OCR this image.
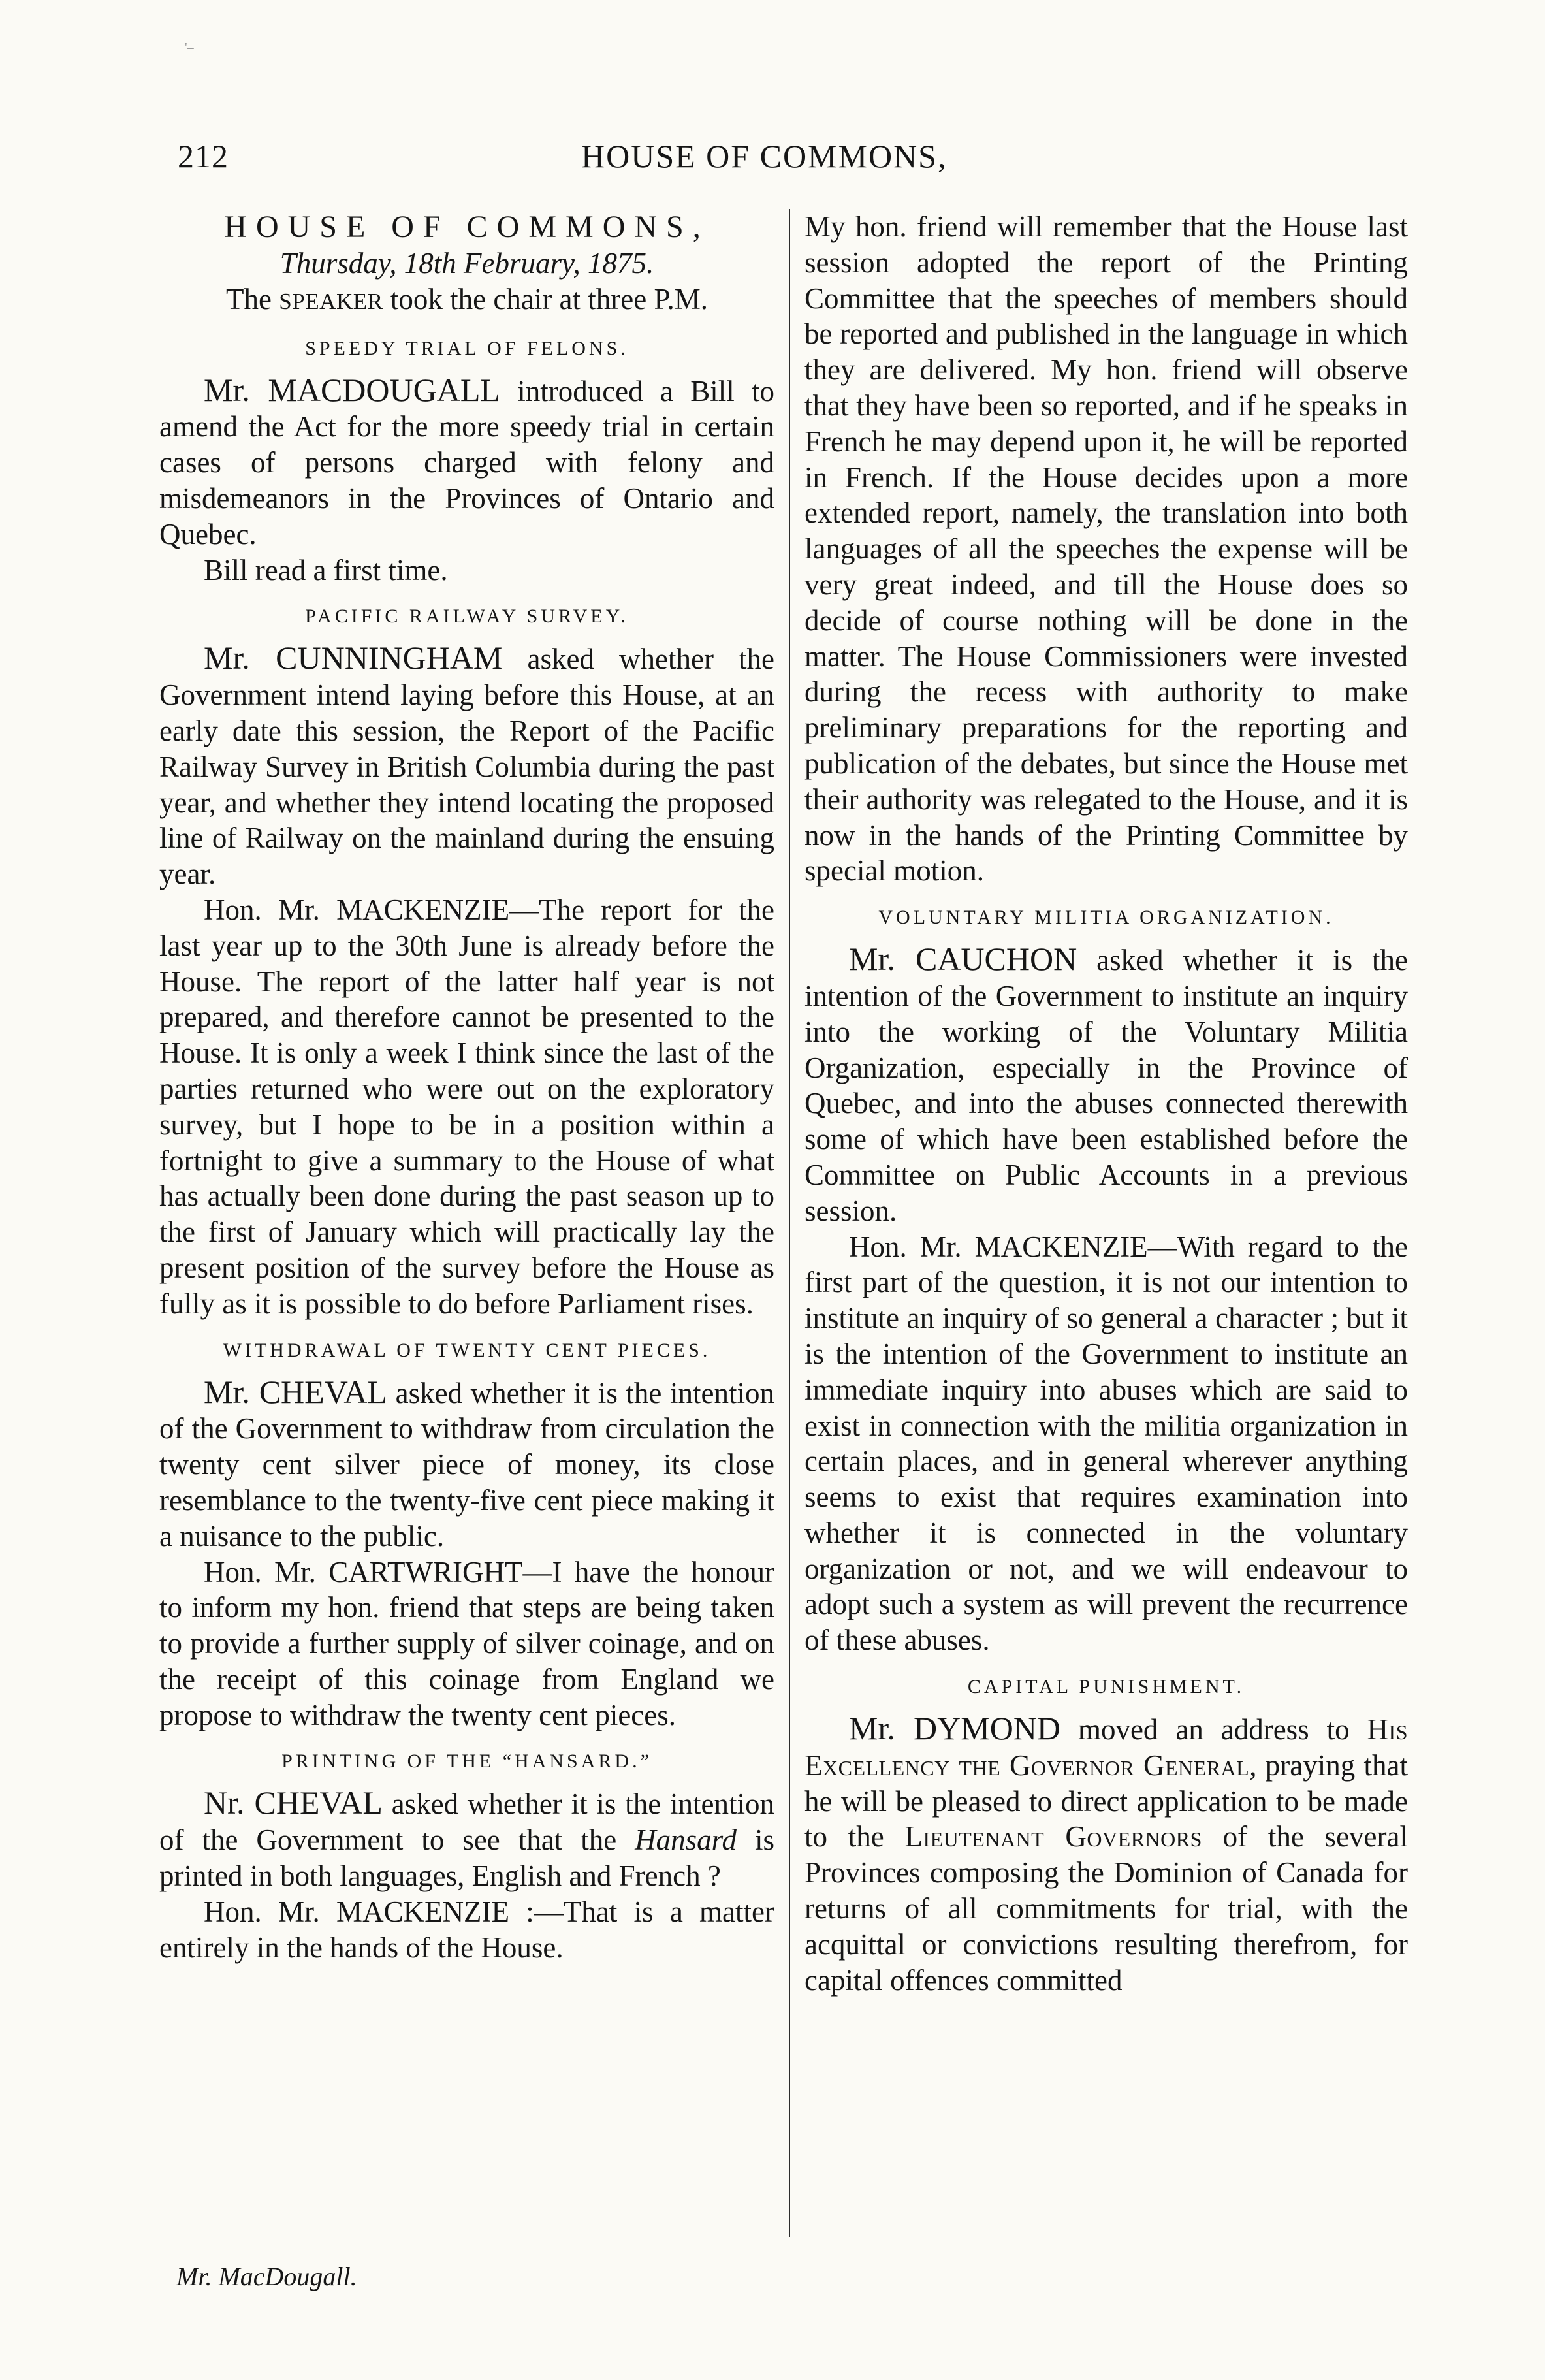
'‒
212	HOUSE OF COMMONS,

HOUSE OF COMMONS,

Thursday, 18th February, 1875.

The SPEAKER took the chair at three P.M.

SPEEDY TRIAL OF FELONS.

Mr. MACDOUGALL introduced a Bill to amend the Act for the more speedy trial in certain cases of persons charged with felony and misdemeanors in the Provinces of Ontario and Quebec.

Bill read a first time.

PACIFIC RAILWAY SURVEY.

Mr. CUNNINGHAM asked whether the Government intend laying before this House, at an early date this session, the Report of the Pacific Railway Survey in British Columbia during the past year, and whether they intend locating the proposed line of Railway on the mainland during the ensuing year.

Hon. Mr. MACKENZIE—The report for the last year up to the 30th June is already before the House. The report of the latter half year is not prepared, and therefore cannot be presented to the House. It is only a week I think since the last of the parties returned who were out on the exploratory survey, but I hope to be in a position within a fortnight to give a summary to the House of what has actually been done during the past season up to the first of January which will practically lay the present position of the survey before the House as fully as it is possible to do before Parliament rises.

WITHDRAWAL OF TWENTY CENT PIECES.

Mr. CHEVAL asked whether it is the intention of the Government to withdraw from circulation the twenty cent silver piece of money, its close resemblance to the twenty-five cent piece making it a nuisance to the public.

Hon. Mr. CARTWRIGHT—I have the honour to inform my hon. friend that steps are being taken to provide a further supply of silver coinage, and on the receipt of this coinage from England we propose to withdraw the twenty cent pieces.

PRINTING OF THE “HANSARD.”

Nr. CHEVAL asked whether it is the intention of the Government to see that the Hansard is printed in both languages, English and French ?

Hon. Mr. MACKENZIE :—That is a matter entirely in the hands of the House.

My hon. friend will remember that the House last session adopted the report of the Printing Committee that the speeches of members should be reported and published in the language in which they are delivered. My hon. friend will observe that they have been so reported, and if he speaks in French he may depend upon it, he will be reported in French. If the House decides upon a more extended report, namely, the translation into both languages of all the speeches the expense will be very great indeed, and till the House does so decide of course nothing will be done in the matter. The House Commissioners were invested during the recess with authority to make preliminary preparations for the reporting and publication of the debates, but since the House met their authority was relegated to the House, and it is now in the hands of the Printing Committee by special motion.

VOLUNTARY MILITIA ORGANIZATION.

Mr. CAUCHON asked whether it is the intention of the Government to institute an inquiry into the working of the Voluntary Militia Organization, especially in the Province of Quebec, and into the abuses connected therewith some of which have been established before the Committee on Public Accounts in a previous session.

Hon. Mr. MACKENZIE—With regard to the first part of the question, it is not our intention to institute an inquiry of so general a character ; but it is the intention of the Government to institute an immediate inquiry into abuses which are said to exist in connection with the militia organization in certain places, and in general wherever anything seems to exist that requires examination into whether it is connected in the voluntary organization or not, and we will endeavour to adopt such a system as will prevent the recurrence of these abuses.

CAPITAL PUNISHMENT.

Mr. DYMOND moved an address to His Excellency the Governor General, praying that he will be pleased to direct application to be made to the Lieutenant Governors of the several Provinces composing the Dominion of Canada for returns of all commitments for trial, with the acquittal or convictions resulting therefrom, for capital offences committed

Mr. MacDougall.
